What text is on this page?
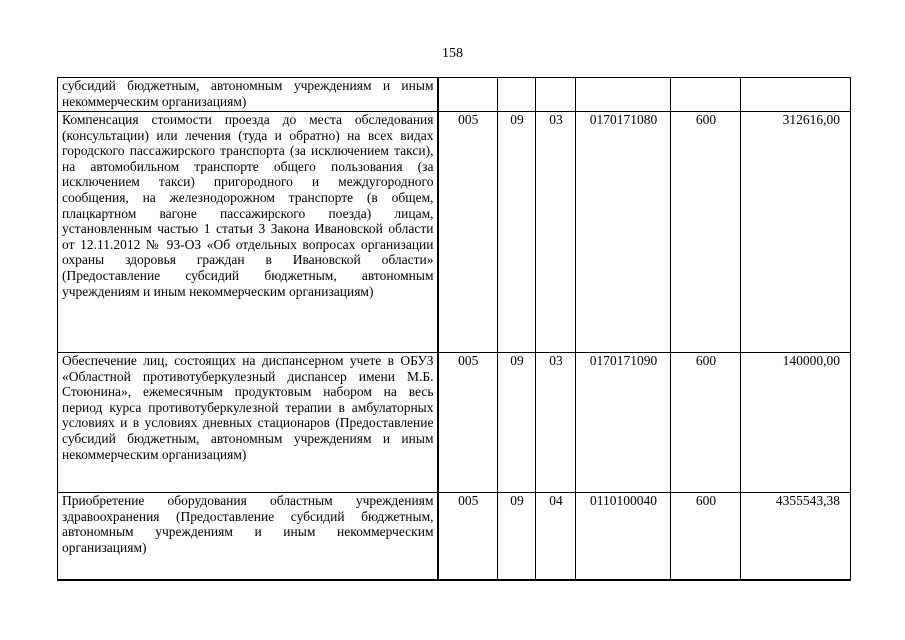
158
субсидий бюджетным, автономным учреждениям и иным некоммерческим организациям)						
Компенсация стоимости проезда до места обследования (консультации) или лечения (туда и обратно) на всех видах городского пассажирского транспорта (за исключением такси), на автомобильном транспорте общего пользования (за исключением такси) пригородного и междугородного сообщения, на железнодорожном транспорте (в общем, плацкартном вагоне пассажирского поезда) лицам, установленным частью 1 статьи 3 Закона Ивановской области от 12.11.2012 № 93-ОЗ «Об отдельных вопросах организации охраны здоровья граждан в Ивановской области» (Предоставление субсидий бюджетным, автономным учреждениям и иным некоммерческим организациям)	005	09	03	0170171080	600	312616,00
Обеспечение лиц, состоящих на диспансерном учете в ОБУЗ «Областной противотуберкулезный диспансер имени М.Б. Стоюнина», ежемесячным продуктовым набором на весь период курса противотуберкулезной терапии в амбулаторных условиях и в условиях дневных стационаров (Предоставление субсидий бюджетным, автономным учреждениям и иным некоммерческим организациям)	005	09	03	0170171090	600	140000,00
Приобретение оборудования областным учреждениям здравоохранения (Предоставление субсидий бюджетным, автономным учреждениям и иным некоммерческим организациям)	005	09	04	0110100040	600	4355543,38
